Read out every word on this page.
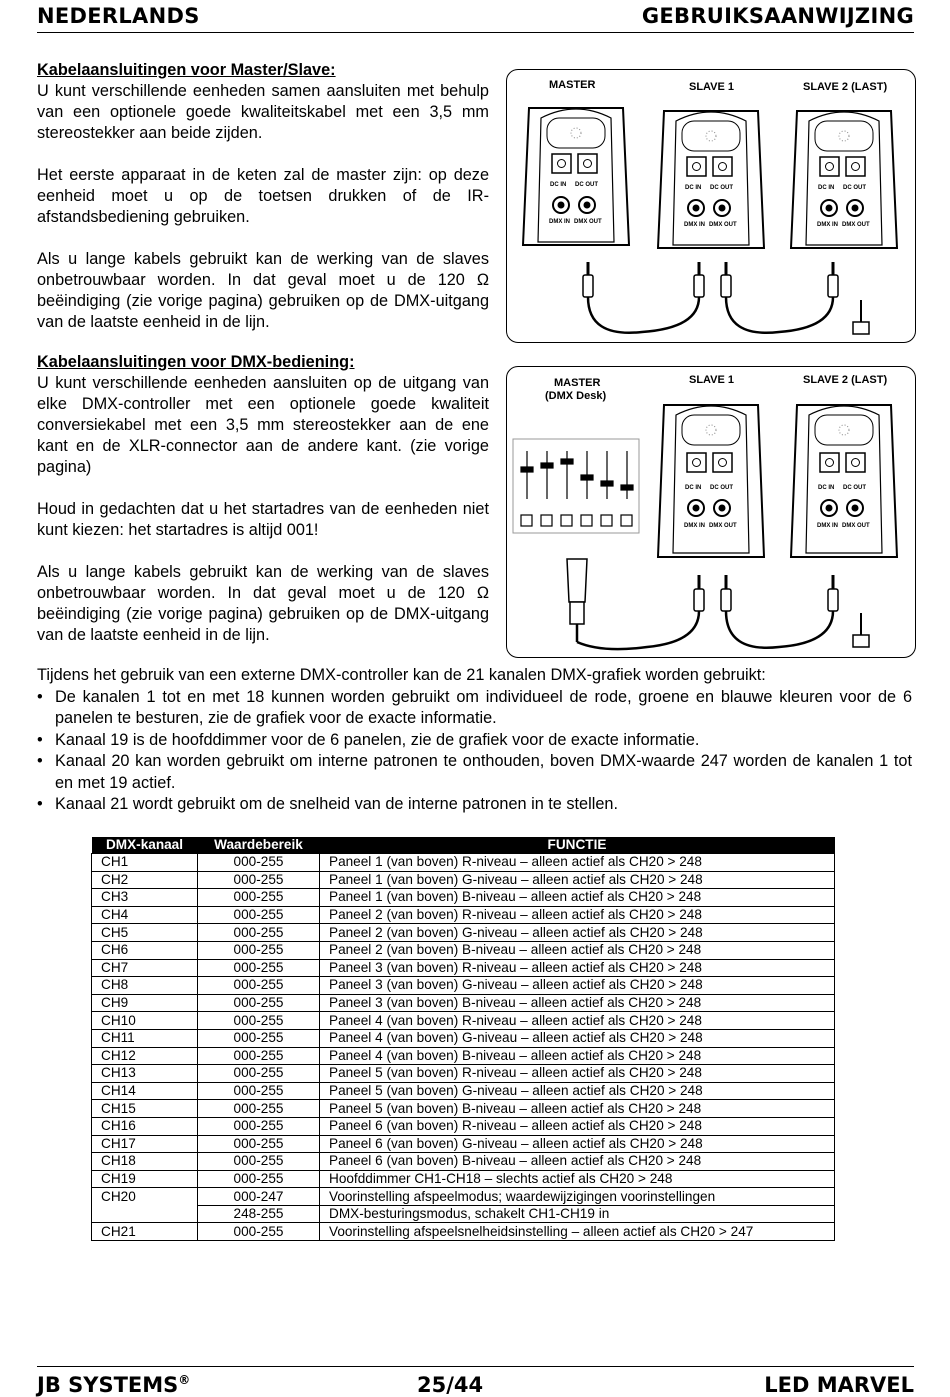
NEDERLANDS	GEBRUIKSAANWIJZING

Kabelaansluitingen voor Master/Slave:

U kunt verschillende eenheden samen aansluiten met behulp van een optionele goede kwaliteitskabel met een 3,5 mm stereostekker aan beide zijden.

Het eerste apparaat in de keten zal de master zijn: op deze eenheid moet u op de toetsen drukken of de IR-afstandsbediening gebruiken.

Als u lange kabels gebruikt kan de werking van de slaves onbetrouwbaar worden. In dat geval moet u de 120 Ω beëindiging (zie vorige pagina) gebruiken op de DMX-uitgang van de laatste eenheid in de lijn.

MASTER	SLAVE 1	SLAVE 2 (LAST)
DC IN DC OUT
DMX IN DMX OUT
DC IN DC OUT
DMX IN DMX OUT
DC IN DC OUT
DMX IN DMX OUT

Kabelaansluitingen voor DMX-bediening:

U kunt verschillende eenheden aansluiten op de uitgang van elke DMX-controller met een optionele goede kwaliteit conversiekabel met een 3,5 mm stereostekker aan de ene kant en de XLR-connector aan de andere kant. (zie vorige pagina)

Houd in gedachten dat u het startadres van de eenheden niet kunt kiezen: het startadres is altijd 001!

Als u lange kabels gebruikt kan de werking van de slaves onbetrouwbaar worden. In dat geval moet u de 120 Ω beëindiging (zie vorige pagina) gebruiken op de DMX-uitgang van de laatste eenheid in de lijn.

MASTER
(DMX Desk)
SLAVE 1	SLAVE 2 (LAST)
DC IN DC OUT
DMX IN DMX OUT
DC IN DC OUT
DMX IN DMX OUT
Tijdens het gebruik van een externe DMX-controller kan de 21 kanalen DMX-grafiek worden gebruikt:
• De kanalen 1 tot en met 18 kunnen worden gebruikt om individueel de rode, groene en blauwe kleuren voor de 6 panelen te besturen, zie de grafiek voor de exacte informatie.
• Kanaal 19 is de hoofddimmer voor de 6 panelen, zie de grafiek voor de exacte informatie.
• Kanaal 20 kan worden gebruikt om interne patronen te onthouden, boven DMX-waarde 247 worden de kanalen 1 tot en met 19 actief.
• Kanaal 21 wordt gebruikt om de snelheid van de interne patronen in te stellen.
DMX-kanaal	Waardebereik	FUNCTIE
CH1	000-255	Paneel 1 (van boven) R-niveau – alleen actief als CH20 > 248
CH2	000-255	Paneel 1 (van boven) G-niveau – alleen actief als CH20 > 248
CH3	000-255	Paneel 1 (van boven) B-niveau – alleen actief als CH20 > 248
CH4	000-255	Paneel 2 (van boven) R-niveau – alleen actief als CH20 > 248
CH5	000-255	Paneel 2 (van boven) G-niveau – alleen actief als CH20 > 248
CH6	000-255	Paneel 2 (van boven) B-niveau – alleen actief als CH20 > 248
CH7	000-255	Paneel 3 (van boven) R-niveau – alleen actief als CH20 > 248
CH8	000-255	Paneel 3 (van boven) G-niveau – alleen actief als CH20 > 248
CH9	000-255	Paneel 3 (van boven) B-niveau – alleen actief als CH20 > 248
CH10	000-255	Paneel 4 (van boven) R-niveau – alleen actief als CH20 > 248
CH11	000-255	Paneel 4 (van boven) G-niveau – alleen actief als CH20 > 248
CH12	000-255	Paneel 4 (van boven) B-niveau – alleen actief als CH20 > 248
CH13	000-255	Paneel 5 (van boven) R-niveau – alleen actief als CH20 > 248
CH14	000-255	Paneel 5 (van boven) G-niveau – alleen actief als CH20 > 248
CH15	000-255	Paneel 5 (van boven) B-niveau – alleen actief als CH20 > 248
CH16	000-255	Paneel 6 (van boven) R-niveau – alleen actief als CH20 > 248
CH17	000-255	Paneel 6 (van boven) G-niveau – alleen actief als CH20 > 248
CH18	000-255	Paneel 6 (van boven) B-niveau – alleen actief als CH20 > 248
CH19	000-255	Hoofddimmer CH1-CH18 – slechts actief als CH20 > 248
CH20	000-247	Voorinstelling afspeelmodus; waardewijzigingen voorinstellingen
	248-255	DMX-besturingsmodus, schakelt CH1-CH19 in
CH21	000-255	Voorinstelling afspeelsnelheidsinstelling – alleen actief als CH20 > 247
JB SYSTEMS®	25/44	LED MARVEL
